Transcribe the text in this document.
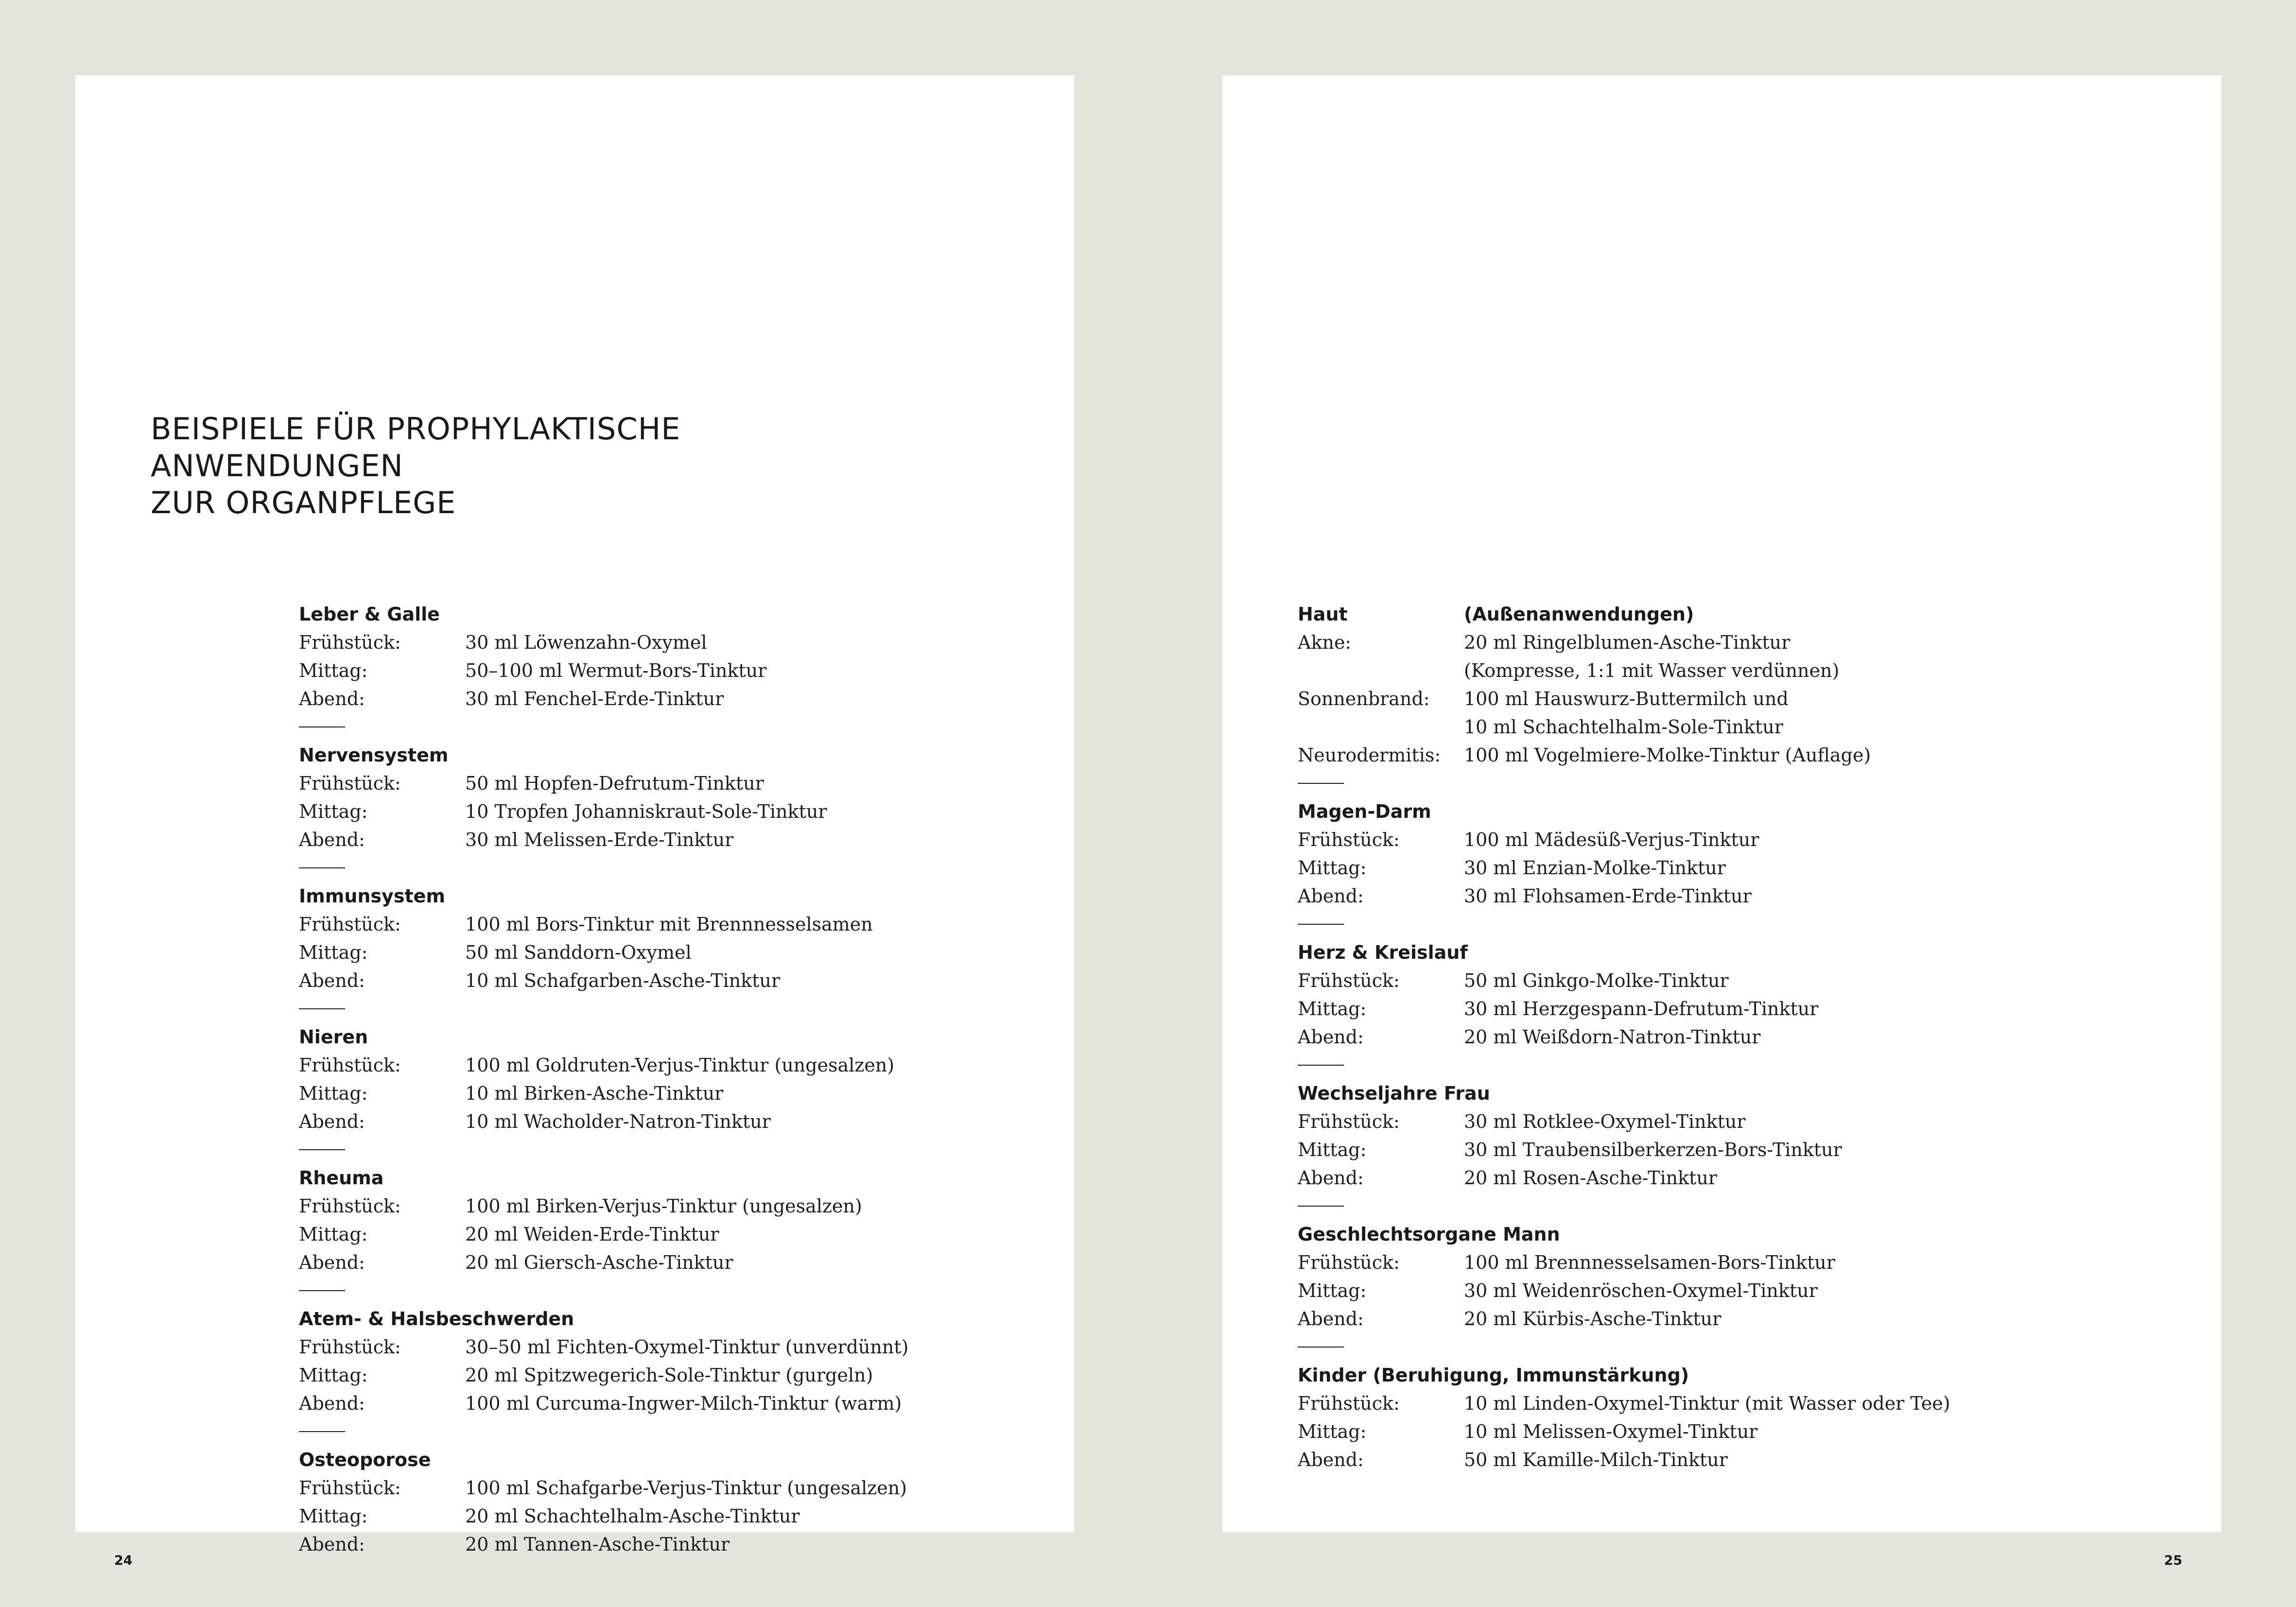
BEISPIELE FÜR PROPHYLAKTISCHE
ANWENDUNGEN
ZUR ORGANPFLEGE
Leber & Galle
Frühstück:	30 ml Löwenzahn-Oxymel
Mittag:	50–100 ml Wermut-Bors-Tinktur
Abend:	30 ml Fenchel-Erde-Tinktur
Nervensystem
Frühstück:	50 ml Hopfen-Defrutum-Tinktur
Mittag:	10 Tropfen Johanniskraut-Sole-Tinktur
Abend:	30 ml Melissen-Erde-Tinktur
Immunsystem
Frühstück:	100 ml Bors-Tinktur mit Brennnesselsamen
Mittag:	50 ml Sanddorn-Oxymel
Abend:	10 ml Schafgarben-Asche-Tinktur
Nieren
Frühstück:	100 ml Goldruten-Verjus-Tinktur (ungesalzen)
Mittag:	10 ml Birken-Asche-Tinktur
Abend:	10 ml Wacholder-Natron-Tinktur
Rheuma
Frühstück:	100 ml Birken-Verjus-Tinktur (ungesalzen)
Mittag:	20 ml Weiden-Erde-Tinktur
Abend:	20 ml Giersch-Asche-Tinktur
Atem- & Halsbeschwerden
Frühstück:	30–50 ml Fichten-Oxymel-Tinktur (unverdünnt)
Mittag:	20 ml Spitzwegerich-Sole-Tinktur (gurgeln)
Abend:	100 ml Curcuma-Ingwer-Milch-Tinktur (warm)
Osteoporose
Frühstück:	100 ml Schafgarbe-Verjus-Tinktur (ungesalzen)
Mittag:	20 ml Schachtelhalm-Asche-Tinktur
Abend:	20 ml Tannen-Asche-Tinktur
24
Haut	(Außenanwendungen)
Akne:	20 ml Ringelblumen-Asche-Tinktur
(Kompresse, 1:1 mit Wasser verdünnen)
Sonnenbrand:	100 ml Hauswurz-Buttermilch und
10 ml Schachtelhalm-Sole-Tinktur
Neurodermitis:	100 ml Vogelmiere-Molke-Tinktur (Auflage)
Magen-Darm
Frühstück:	100 ml Mädesüß-Verjus-Tinktur
Mittag:	30 ml Enzian-Molke-Tinktur
Abend:	30 ml Flohsamen-Erde-Tinktur
Herz & Kreislauf
Frühstück:	50 ml Ginkgo-Molke-Tinktur
Mittag:	30 ml Herzgespann-Defrutum-Tinktur
Abend:	20 ml Weißdorn-Natron-Tinktur
Wechseljahre Frau
Frühstück:	30 ml Rotklee-Oxymel-Tinktur
Mittag:	30 ml Traubensilberkerzen-Bors-Tinktur
Abend:	20 ml Rosen-Asche-Tinktur
Geschlechtsorgane Mann
Frühstück:	100 ml Brennnesselsamen-Bors-Tinktur
Mittag:	30 ml Weidenröschen-Oxymel-Tinktur
Abend:	20 ml Kürbis-Asche-Tinktur
Kinder (Beruhigung, Immunstärkung)
Frühstück:	10 ml Linden-Oxymel-Tinktur (mit Wasser oder Tee)
Mittag:	10 ml Melissen-Oxymel-Tinktur
Abend:	50 ml Kamille-Milch-Tinktur
25
